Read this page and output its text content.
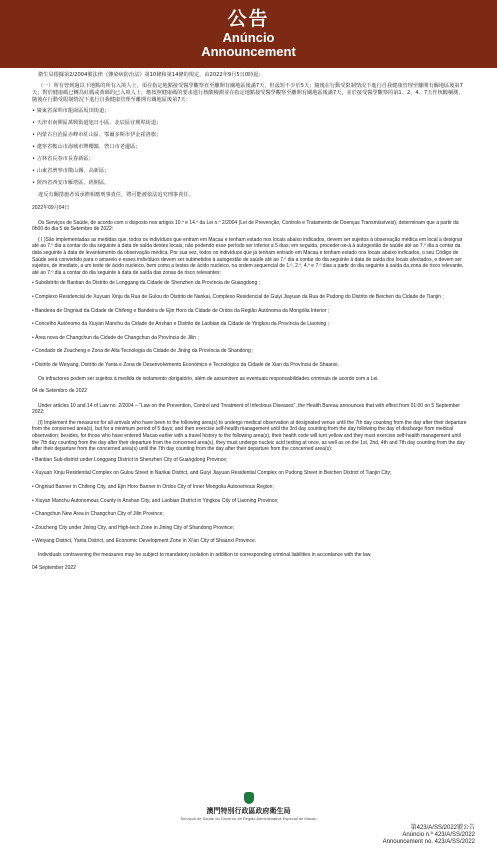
公告
Anúncio
Announcement

衛生局根據第2/2004號法律《傳染病防治法》第10條和第14條的規定，由2022年9月5日0時起：

（一）所有曾到過以下地點的所有入境人士，須在指定地點接受醫學觀察直至離開有關地區後滿7天，但最短不少於5天；隨後在行動受限制情況下進行自我健康管理至離開有關地區後第7天；對於健康碼已轉為紅碼或黃碼的已入境人士，應按照健康碼的要求進行核酸檢測並在指定地點接受醫學觀察至離開有關地區後滿7天，並於接受醫學觀察的第1、2、4、7天作核酸檢測，隨後在行動受限制情況下進行自我健康管理至離開有關地區後第7天：

• 廣東省深圳市龍崗區坂田街道；
• 天津市南開區萬興街道旭日小區、北辰區宜興埠街道；
• 內蒙古自治區赤峰市紅山區、鄂爾多斯市伊金霍洛旗；
• 遼寧省鞍山市海城市牌樓鎮、營口市老邊區；
• 吉林省長春市長春新區；
• 山東省濟寧市微山縣、高新區；
• 陝西省西安市雁塔區、經開區。

違反有關措施者須承擔相應刑事責任，將可能被依法追究刑事責任。

2022年09月04日

Os Serviços de Saúde, de acordo com o disposto nos artigos 10.º e 14.º da Lei n.º 2/2004 (Lei de Prevenção, Controlo e Tratamento de Doenças Transmissíveis), determinam que a partir da 0h00 do dia 5 de Setembro de 2022:

( I )São implementadas as medidas que, todos os indivíduos que entram em Macau e tenham estado nos locais abaixo indicados, devem ser sujeitos à observação médica em local a designar até ao 7.º dia a contar do dia seguinte à data de saída destes locais, não podendo esse período ser inferior a 5 dias; em seguida, proceder-se-á à autogestão de saúde até ao 7.º dia a contar da data seguinte à data de levantamento da observação médica. Por sua vez, todos os indivíduos que já tenham entrado em Macau e tenham estado nos locais abaixo indicados, o seu Código de Saúde será convertido para o amarelo e esses indivíduos devem ser submetidos à autogestão de saúde até ao 7.º dia a contar do dia seguinte à data de saída dos locais afectados, e devem ser sujeitos, de imediato, a um teste de ácido nucleico, bem como a testes de ácido nucleico, na ordem sequencial de 1.º, 2.º, 4.º e 7.º dias a partir do dia seguinte à saída da zona de risco relevante, até ao 7.º dia a contar do dia seguinte à data de saída das zonas de risco relevantes:

• Subdistrito de Bantian do Distrito de Longgang da Cidade de Shenzhen da Província de Guangdong ;
• Complexo Residencial de Xuyuan Xinju da Rua de Gulou do Distrito de Nankai, Complexo Residencial de Guiyi Jiayuan da Rua de Pudong do Distrito de Beichen da Cidade de Tianjin ;
• Bandeira de Ongniud da Cidade de Chifeng e Bandeira de Ejin Horo da Cidade de Ordos da Região Autónoma da Mongólia Interior ;
• Concelho Autónomo da Xiuyan Manchu da Cidade de Anshan e Distrito de Laobian da Cidade de Yingkou da Província de Liaoning ;
• Área nova de Changchun da Cidade de Changchun da Província de Jilin ;
• Condado de Zoucheng e Zona de Alta Tecnologia da Cidade de Jining da Província de Shandong ;
• Distrito de Weiyang, Distrito de Yanta e Zona de Desenvolvimento Económico e Tecnológico da Cidade de Xian da Província de Shaanxi.

Os infractores podem ser sujeitos à medida de isolamento obrigatório, além de assumirem as eventuais responsabilidades criminais de acordo com a Lei.

04 de Setembro de 2022

Under articles 10 and 14 of Law no. 2/2004 – "Law on the Prevention, Control and Treatment of Infectious Diseases", the Health Bureau announces that with effect from 01:00 on 5 September 2022:

(I) Implement the measures for all arrivals who have been to the following area(s) to undergo medical observation at designated venue until the 7th day counting from the day after their departure from the concerned area(s), but for a minimum period of 5 days; and then exercise self-health management until the 3rd day counting from the day following the day of discharge from medical observation; besides, for those who have entered Macao earlier with a travel history to the following area(s), their health code will turn yellow and they must exercise self-health management until the 7th day counting from the day after their departure from the concerned area(s), they must undergo nucleic acid testing at once, as well as on the 1st, 2nd, 4th and 7th day counting from the day after their departure from the concerned area(s) until the 7th day counting from the day after their departure from the concerned area(s):

• Bantian Sub-district under Longgang District in Shenzhen City of Guangdong Province;
• Xuyuan Xinju Residential Complex on Gulou Street in Nankai District, and Guiyi Jiayuan Residential Complex on Pudong Street in Beichen District of Tianjin City;
• Ongniud Banner in Chifeng City, and Ejin Horo Banner in Ordos City of Inner Mongolia Autonomous Region;
• Xiuyan Manchu Autonomous County in Anshan City, and Laobian District in Yingkou City of Liaoning Province;
• Changchun New Area in Changchun City of Jilin Province;
• Zoucheng City under Jining City, and High-tech Zone in Jining City of Shandong Province;
• Weiyang District, Yanta District, and Economic Development Zone in Xi'an City of Shaanxi Province.

Individuals contravening the measures may be subject to mandatory isolation in addition to corresponding criminal liabilities in accordance with the law.

04 September 2022

澳門特別行政區政府衛生局
Serviços de Saúde do Governo da Região Administrativa Especial de Macau
第423/A/SS/2022號公告
Anúncio n.º 423/A/SS/2022
Announcement no. 423/A/SS/2022
